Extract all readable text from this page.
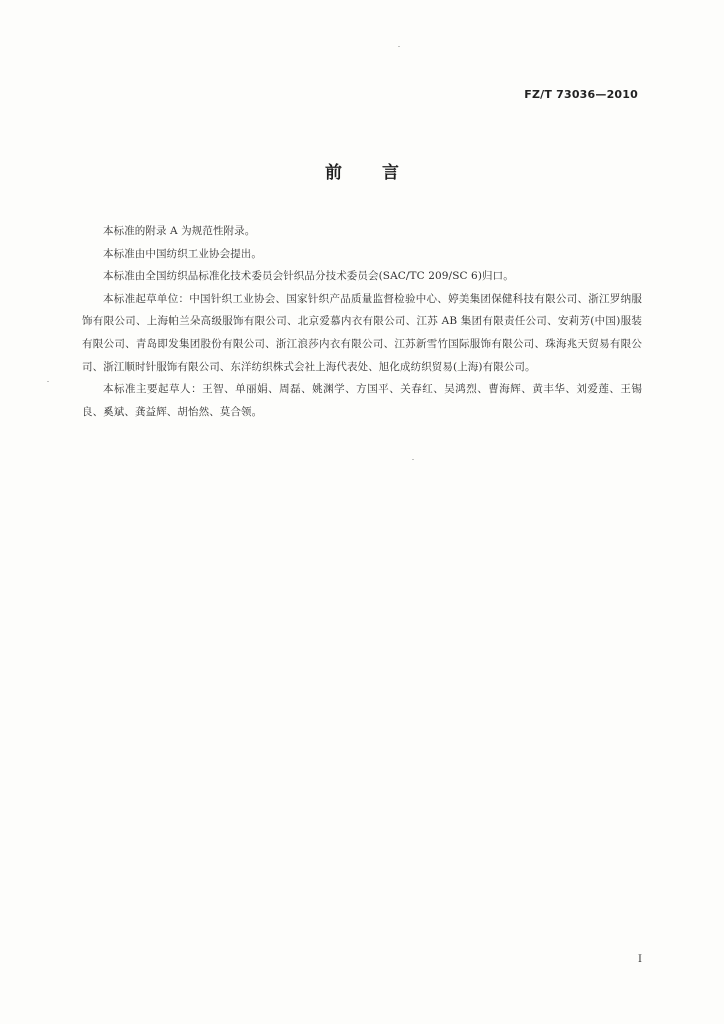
FZ/T 73036—2010
前言

本标准的附录 A 为规范性附录。

本标准由中国纺织工业协会提出。

本标准由全国纺织品标准化技术委员会针织品分技术委员会(SAC/TC 209/SC 6)归口。

本标准起草单位：中国针织工业协会、国家针织产品质量监督检验中心、婷美集团保健科技有限公司、浙江罗纳服饰有限公司、上海帕兰朵高级服饰有限公司、北京爱慕内衣有限公司、江苏 AB 集团有限责任公司、安莉芳(中国)服装有限公司、青岛即发集团股份有限公司、浙江浪莎内衣有限公司、江苏新雪竹国际服饰有限公司、珠海兆天贸易有限公司、浙江顺时针服饰有限公司、东洋纺织株式会社上海代表处、旭化成纺织贸易(上海)有限公司。

本标准主要起草人：王智、单丽娟、周磊、姚渊学、方国平、关春红、吴鸿烈、曹海辉、黄丰华、刘爱莲、王锡良、奚斌、龚益辉、胡怡然、莫合领。

I
